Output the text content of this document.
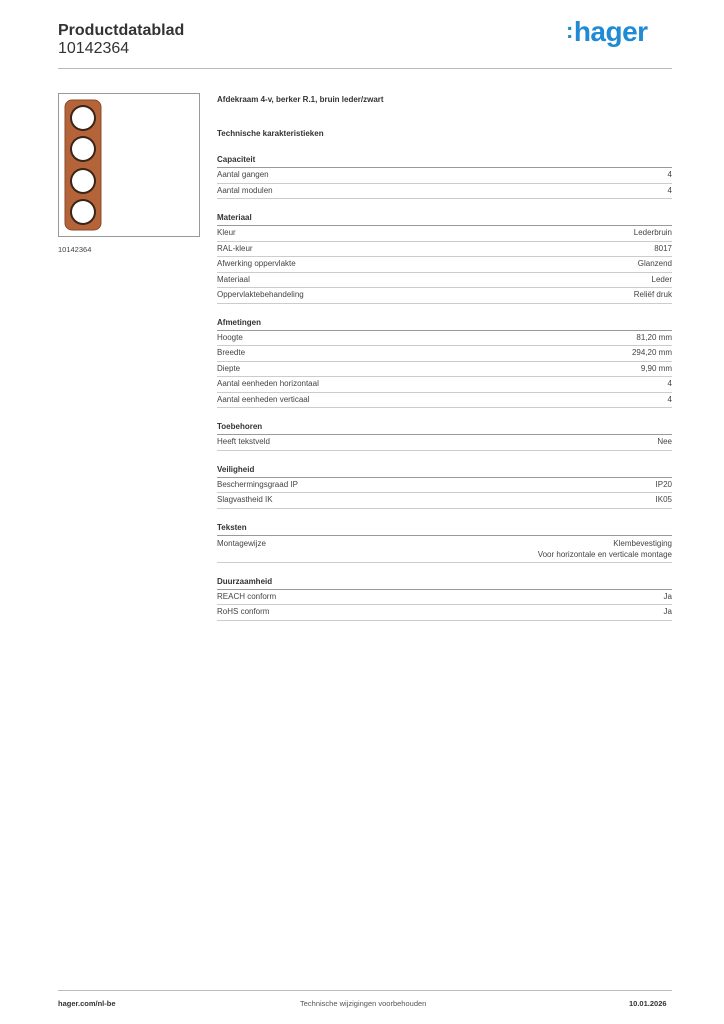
Productdatablad
10142364
:hager
10142364
Afdekraam 4-v, berker R.1, bruin leder/zwart
Technische karakteristieken
Capaciteit
Aantal gangen	4
Aantal modulen	4
Materiaal
Kleur	Lederbruin
RAL-kleur	8017
Afwerking oppervlakte	Glanzend
Materiaal	Leder
Oppervlaktebehandeling	Reliëf druk
Afmetingen
Hoogte	81,20 mm
Breedte	294,20 mm
Diepte	9,90 mm
Aantal eenheden horizontaal	4
Aantal eenheden verticaal	4
Toebehoren
Heeft tekstveld	Nee
Veiligheid
Beschermingsgraad IP	IP20
Slagvastheid IK	IK05
Teksten
Montagewijze	Klembevestiging
Voor horizontale en verticale montage
Duurzaamheid
REACH conform	Ja
RoHS conform	Ja
hager.com/nl-be	Technische wijzigingen voorbehouden	10.01.2026
